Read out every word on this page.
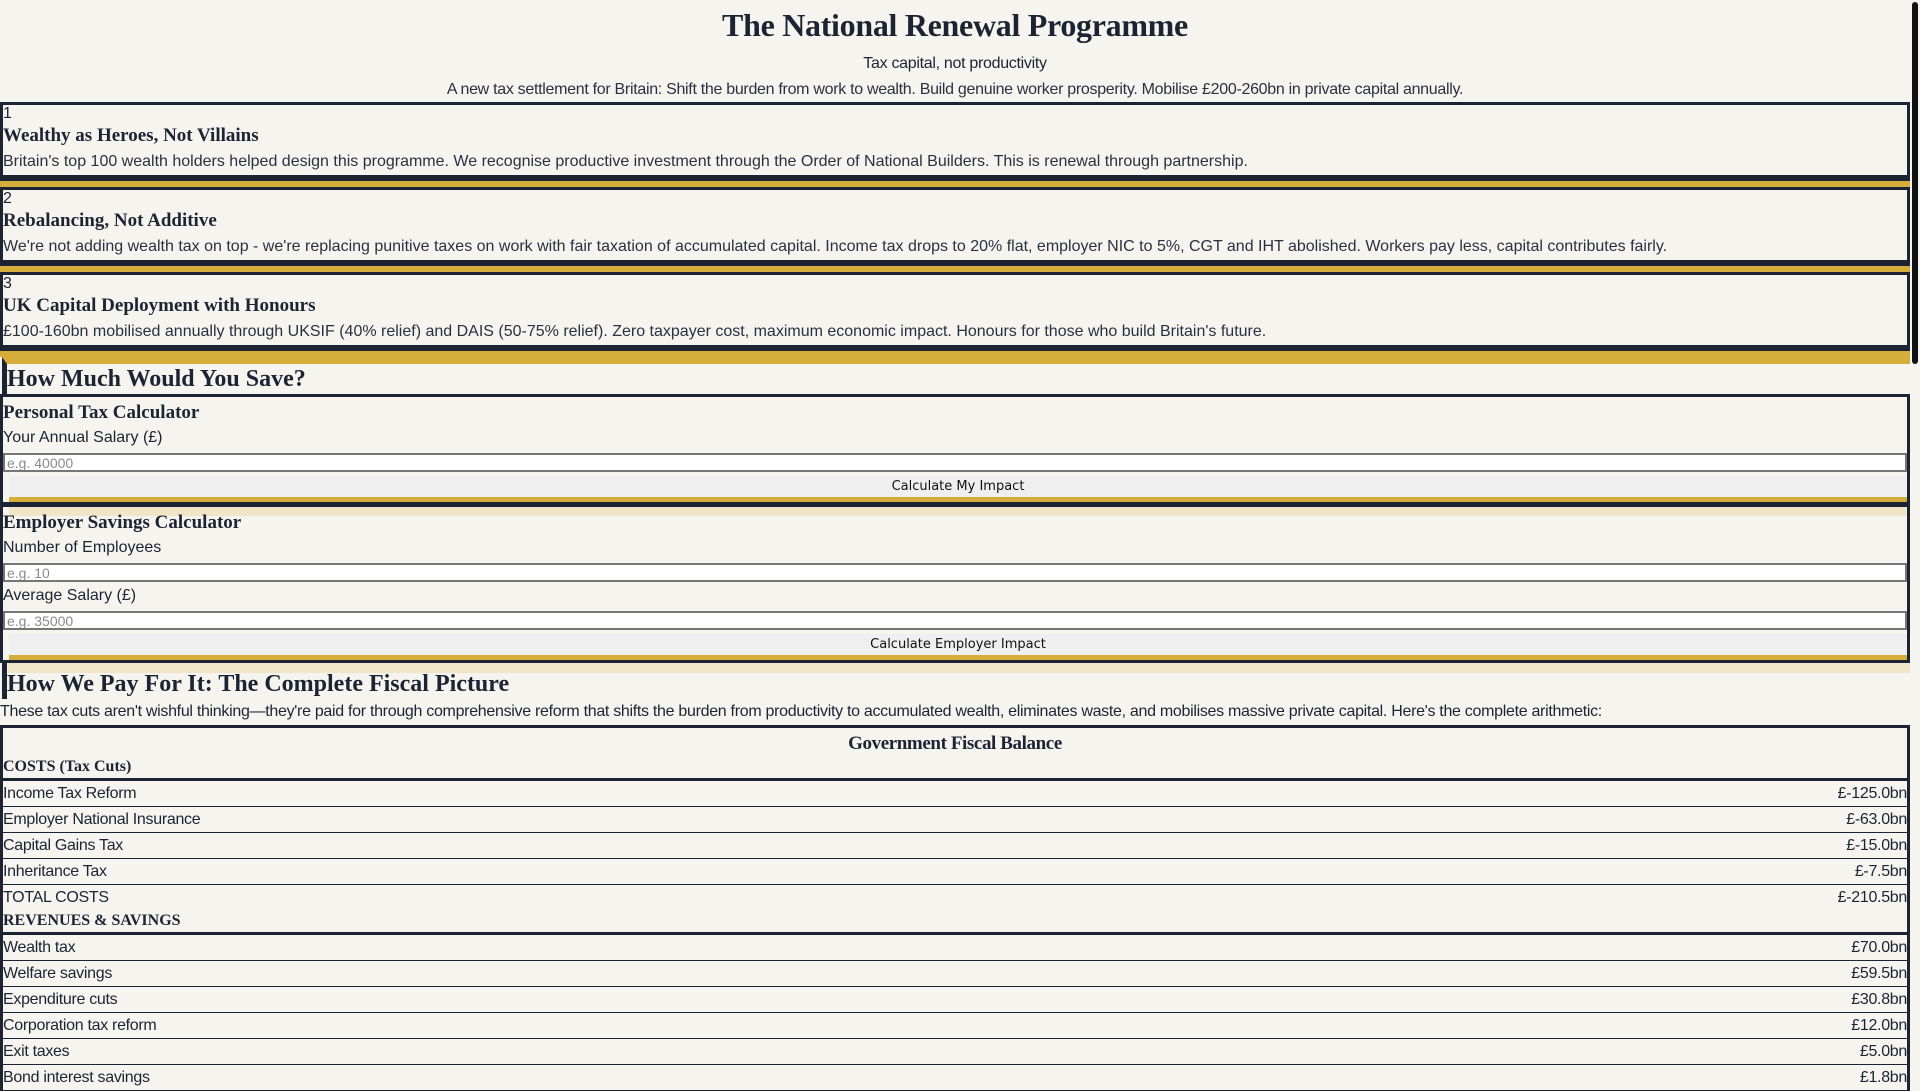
The National Renewal Programme
Tax capital, not productivity
A new tax settlement for Britain: Shift the burden from work to wealth. Build genuine worker prosperity. Mobilise £200-260bn in private capital annually.
1
Wealthy as Heroes, Not Villains
Britain's top 100 wealth holders helped design this programme. We recognise productive investment through the Order of National Builders. This is renewal through partnership.
2
Rebalancing, Not Additive
We're not adding wealth tax on top - we're replacing punitive taxes on work with fair taxation of accumulated capital. Income tax drops to 20% flat, employer NIC to 5%, CGT and IHT abolished. Workers pay less, capital contributes fairly.
3
UK Capital Deployment with Honours
£100-160bn mobilised annually through UKSIF (40% relief) and DAIS (50-75% relief). Zero taxpayer cost, maximum economic impact. Honours for those who build Britain's future.
How Much Would You Save?
Personal Tax Calculator
Your Annual Salary (£)
e.g. 40000
Calculate My Impact
Employer Savings Calculator
Number of Employees
e.g. 10
Average Salary (£)
e.g. 35000
Calculate Employer Impact
How We Pay For It: The Complete Fiscal Picture

These tax cuts aren't wishful thinking—they're paid for through comprehensive reform that shifts the burden from productivity to accumulated wealth, eliminates waste, and mobilises massive private capital. Here's the complete arithmetic:

Government Fiscal Balance
COSTS (Tax Cuts)
Income Tax Reform	£-125.0bn
Employer National Insurance	£-63.0bn
Capital Gains Tax	£-15.0bn
Inheritance Tax	£-7.5bn
TOTAL COSTS	£-210.5bn
REVENUES & SAVINGS
Wealth tax	£70.0bn
Welfare savings	£59.5bn
Expenditure cuts	£30.8bn
Corporation tax reform	£12.0bn
Exit taxes	£5.0bn
Bond interest savings	£1.8bn
